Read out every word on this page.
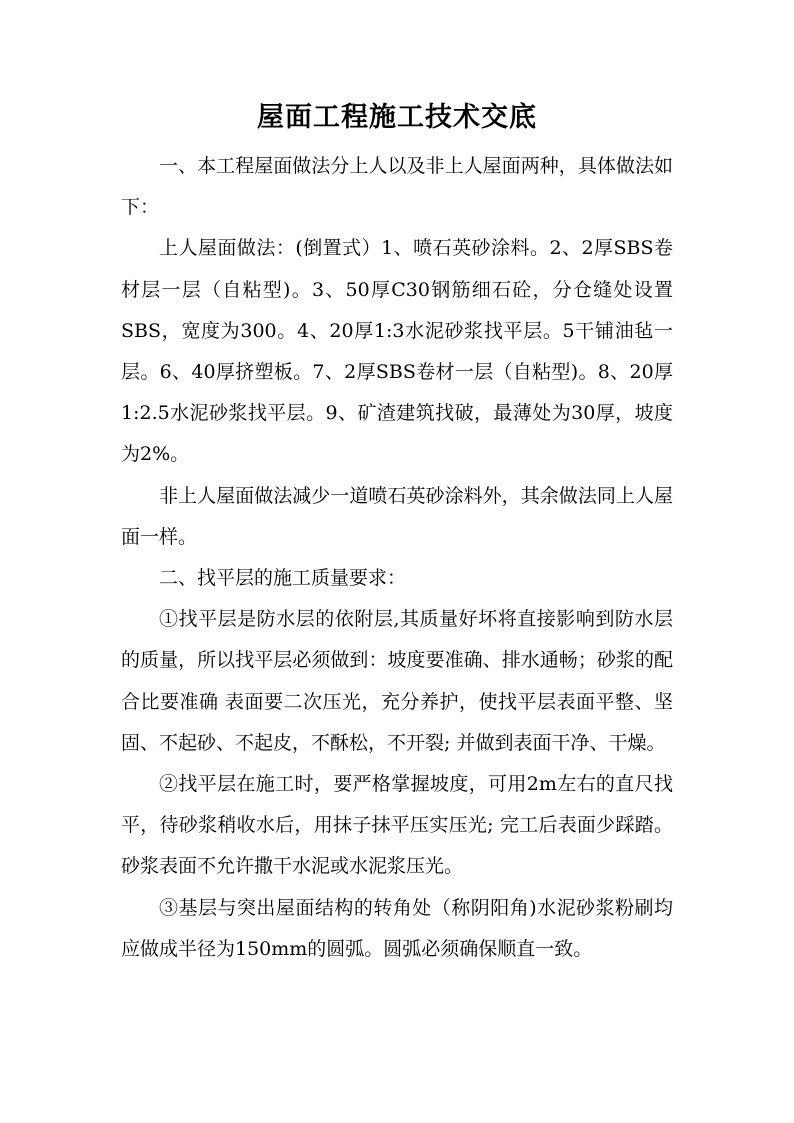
屋面工程施工技术交底

一、本工程屋面做法分上人以及非上人屋面两种，具体做法如下：

上人屋面做法：(倒置式）1、喷石英砂涂料。2、2厚SBS卷材层一层（自粘型)。3、50厚C30钢筋细石砼，分仓缝处设置SBS，宽度为300。4、20厚1:3水泥砂浆找平层。5干铺油毡一层。6、40厚挤塑板。7、2厚SBS卷材一层（自粘型)。8、20厚1:2.5水泥砂浆找平层。9、矿渣建筑找破，最薄处为30厚，坡度为2%。

非上人屋面做法减少一道喷石英砂涂料外，其余做法同上人屋面一样。

二、找平层的施工质量要求：

①找平层是防水层的依附层,其质量好坏将直接影响到防水层的质量，所以找平层必须做到：坡度要准确、排水通畅；砂浆的配合比要准确 表面要二次压光，充分养护，使找平层表面平整、坚固、不起砂、不起皮，不酥松，不开裂; 并做到表面干净、干燥。

②找平层在施工时，要严格掌握坡度，可用2m左右的直尺找平，待砂浆稍收水后，用抹子抹平压实压光; 完工后表面少踩踏。砂浆表面不允许撒干水泥或水泥浆压光。

③基层与突出屋面结构的转角处（称阴阳角)水泥砂浆粉刷均应做成半径为150mm的圆弧。圆弧必须确保顺直一致。
